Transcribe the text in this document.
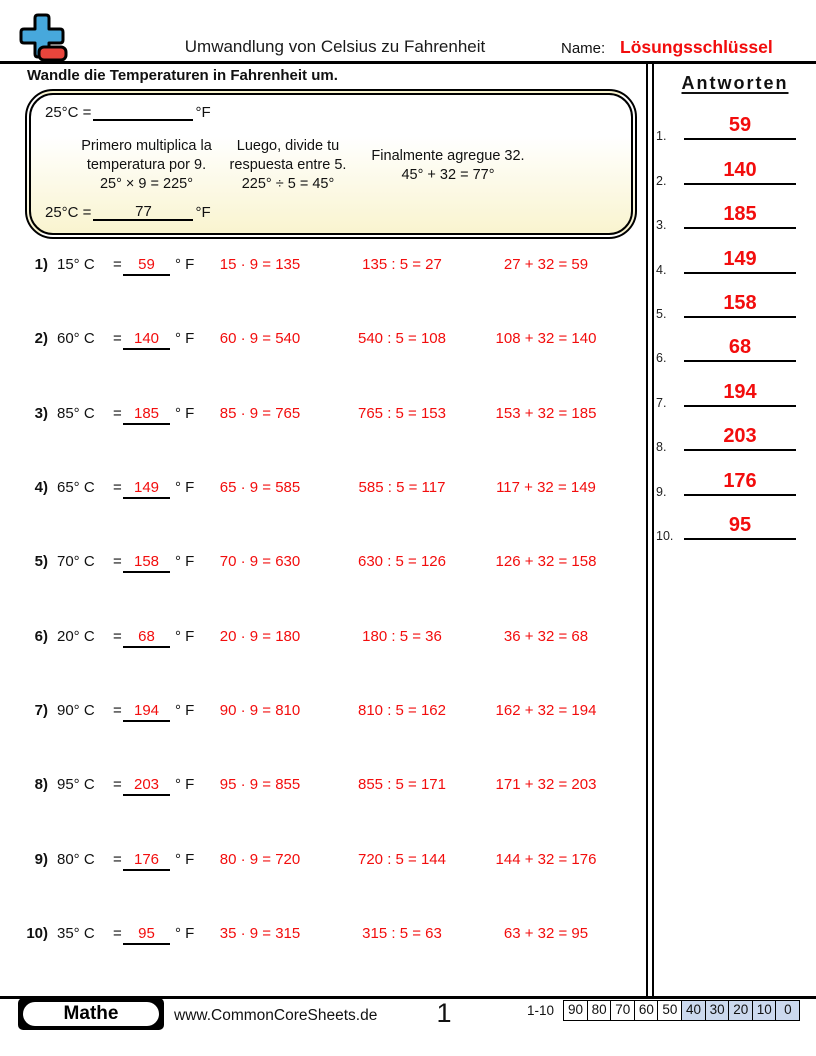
Umwandlung von Celsius zu Fahrenheit	Name: Lösungsschlüssel
Wandle die Temperaturen in Fahrenheit um.
25°C =	°F
Primero multiplica la temperatura por 9.
25° × 9 = 225°
Luego, divide tu respuesta entre 5.
225° ÷ 5 = 45°
Finalmente agregue 32.
45° + 32 = 77°
25°C =	77	°F
1) 15° C =	59	° F	15 · 9 = 135	135 : 5 = 27	27 + 32 = 59
2) 60° C = 140	° F	60 · 9 = 540	540 : 5 = 108	108 + 32 = 140
3) 85° C = 185	° F	85 · 9 = 765	765 : 5 = 153	153 + 32 = 185
4) 65° C = 149	° F	65 · 9 = 585	585 : 5 = 117	117 + 32 = 149
5) 70° C = 158	° F	70 · 9 = 630	630 : 5 = 126	126 + 32 = 158
6) 20° C =	68	° F	20 · 9 = 180	180 : 5 = 36	36 + 32 = 68
7) 90° C = 194	° F	90 · 9 = 810	810 : 5 = 162	162 + 32 = 194
8) 95° C = 203	° F	95 · 9 = 855	855 : 5 = 171	171 + 32 = 203
9) 80° C = 176	° F	80 · 9 = 720	720 : 5 = 144	144 + 32 = 176
10) 35° C =	95	° F	35 · 9 = 315	315 : 5 = 63	63 + 32 = 95
Antworten
1.	59
2.	140
3.	185
4.	149
5.	158
6.	68
7.	194
8.	203
9.	176
10.	95
Mathe	www.CommonCoreSheets.de	1	1-10	90 80 70 60 50 40 30 20 10 0
